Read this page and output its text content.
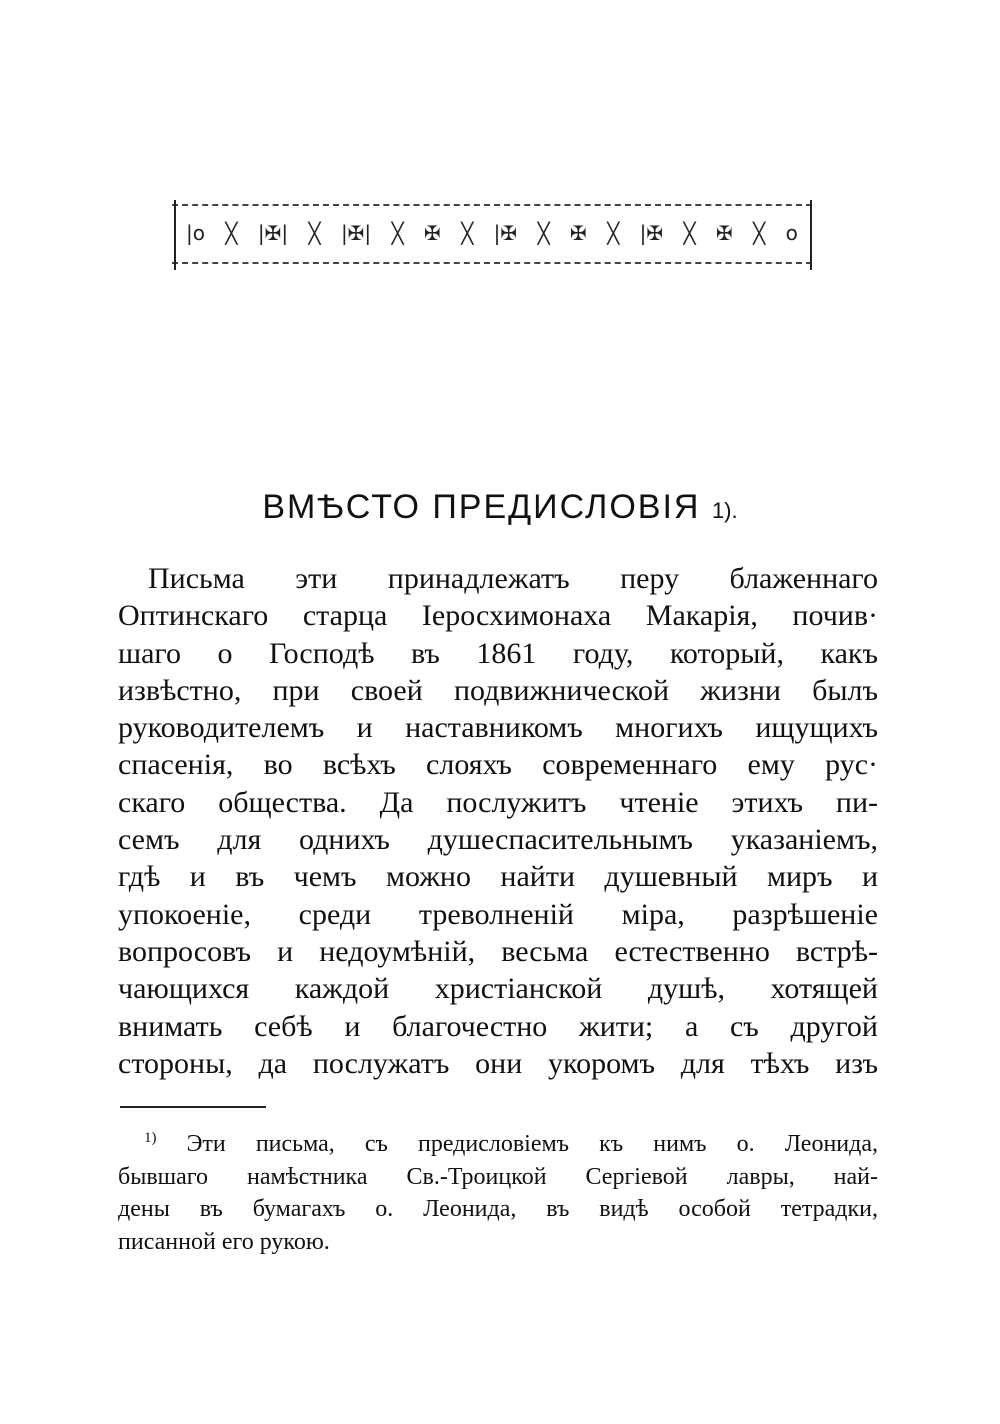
|o ╳ |✠| ╳ |✠| ╳ ✠ ╳ |✠ ╳ ✠ ╳ |✠ ╳ ✠ ╳ o
ВМѢСТО ПРЕДИСЛОВІЯ 1).
Письма эти принадлежатъ перу блаженнаго
Оптинскаго старца Іеросхимонаха Макарія, почив·
шаго о Господѣ въ 1861 году, который, какъ
извѣстно, при своей подвижнической жизни былъ
руководителемъ и наставникомъ многихъ ищущихъ
спасенія, во всѣхъ слояхъ современнаго ему рус·
скаго общества. Да послужитъ чтеніе этихъ пи-
семъ для однихъ душеспасительнымъ указаніемъ,
гдѣ и въ чемъ можно найти душевный миръ и
упокоеніе, среди треволненій міра, разрѣшеніе
вопросовъ и недоумѣній, весьма естественно встрѣ-
чающихся каждой христіанской душѣ, хотящей
внимать себѣ и благочестно жити; а съ другой
стороны, да послужатъ они укоромъ для тѣхъ изъ
$^{1)}$ Эти письма, съ предисловіемъ къ нимъ о. Леонида,
бывшаго намѣстника Св.-Троицкой Сергіевой лавры, най-
дены въ бумагахъ о. Леонида, въ видѣ особой тетрадки,
писанной его рукою.
